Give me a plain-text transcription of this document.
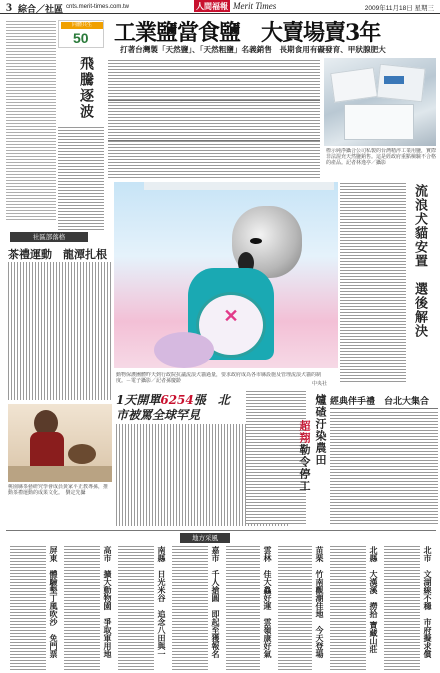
3 綜合／社區 cnts.merit-times.com.tw	人間福報 Merit Times	2009年11月18日 星期三
同體共生
50
飛騰逐波
工業鹽當食鹽　大賣場賣3年
打著台灣製「天然鹽」、「天然粗鹽」名義銷售　長期食用有礙發育、甲狀腺肥大
標示純淨攝合公司私製的台灣精淬工業用鹽，實際非法混充天然鹽銷售。這是經政府重點檢驗不合格的產品。記者林逸亭／攝影
社區部落格
茶禮運動　龍潭扎根
桃園縣茶藝研究學會成員黃家平正教導孫，推動茶禮運動的成果文化。　劉定先攝
✕
動物保護團體昨天到行政院抗議流浪犬貓過量，要求政府成為各市縣設施及管理流浪犬貓的制度。－電子攝影／記者孫慶齡	中央社
流浪犬貓安置　選後解決
1天開單6254張　北市被罵全球罕見	爐碴汙染農田
超翔勒令停工
經典伴手禮　台北大集合
地方采風
北市　文湖線不穩　市府擬求償
北縣　大漢溪　撈拾 寶藏山莊
苗栗　竹南觀潮佳地　今天登場
雲林　佳大鱻好運　雲嶺康好氣
嘉市　千人搶圓　即起至獲報名
南縣　日光米谷　追念八田與一
高市　擴大動物園　爭取軍用地
屏東　體驗墾丁風吹沙　免門票
